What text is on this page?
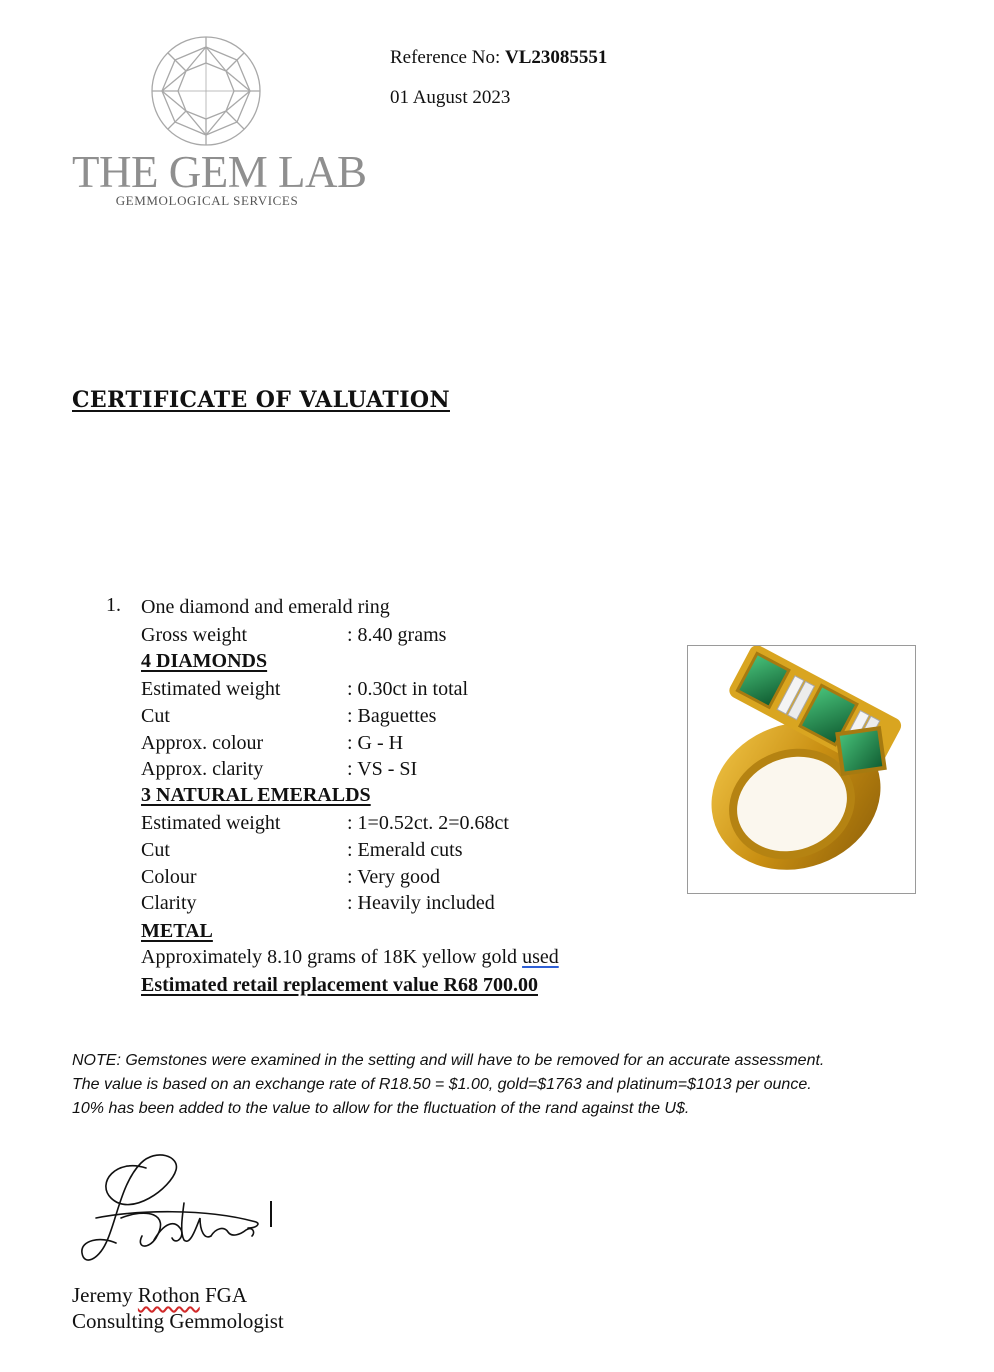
THE GEM LAB
GEMMOLOGICAL SERVICES
Reference No: VL23085551
01 August 2023
CERTIFICATE OF VALUATION
1. One diamond and emerald ring
Gross weight	: 8.40 grams
4 DIAMONDS
Estimated weight	: 0.30ct in total
Cut	: Baguettes
Approx. colour	: G - H
Approx. clarity	: VS - SI
3 NATURAL EMERALDS
Estimated weight	: 1=0.52ct. 2=0.68ct
Cut	: Emerald cuts
Colour	: Very good
Clarity	: Heavily included
METAL
Approximately 8.10 grams of 18K yellow gold used
Estimated retail replacement value R68 700.00
NOTE: Gemstones were examined in the setting and will have to be removed for an accurate assessment.
The value is based on an exchange rate of R18.50 = $1.00, gold=$1763 and platinum=$1013 per ounce.
10% has been added to the value to allow for the fluctuation of the rand against the U$.
Jeremy Rothon FGA
Consulting Gemmologist
